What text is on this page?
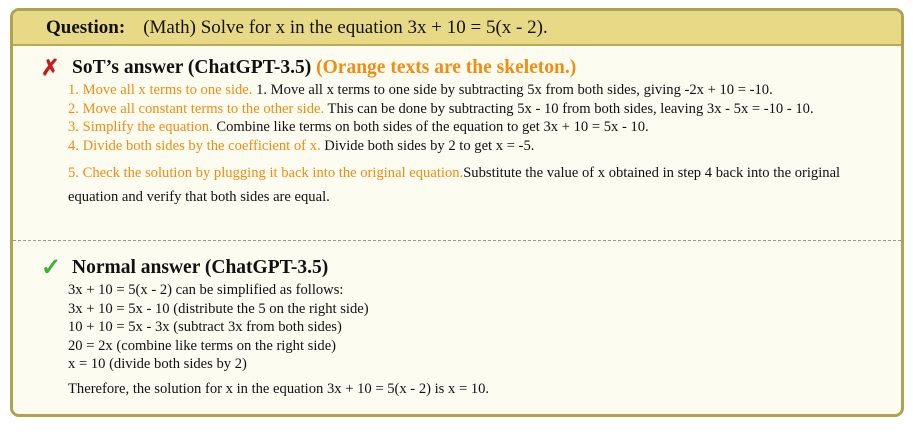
Question: (Math) Solve for x in the equation 3x + 10 = 5(x - 2).
✗ SoT’s answer (ChatGPT-3.5) (Orange texts are the skeleton.)

1. Move all x terms to one side. 1. Move all x terms to one side by subtracting 5x from both sides, giving -2x + 10 = -10.

2. Move all constant terms to the other side. This can be done by subtracting 5x - 10 from both sides, leaving 3x - 5x = -10 - 10.

3. Simplify the equation. Combine like terms on both sides of the equation to get 3x + 10 = 5x - 10.

4. Divide both sides by the coefficient of x. Divide both sides by 2 to get x = -5.

5. Check the solution by plugging it back into the original equation.Substitute the value of x obtained in step 4 back into the original equation and verify that both sides are equal.

✓ Normal answer (ChatGPT-3.5)

3x + 10 = 5(x - 2) can be simplified as follows:

3x + 10 = 5x - 10 (distribute the 5 on the right side)

10 + 10 = 5x - 3x (subtract 3x from both sides)

20 = 2x (combine like terms on the right side)

x = 10 (divide both sides by 2)

Therefore, the solution for x in the equation 3x + 10 = 5(x - 2) is x = 10.
